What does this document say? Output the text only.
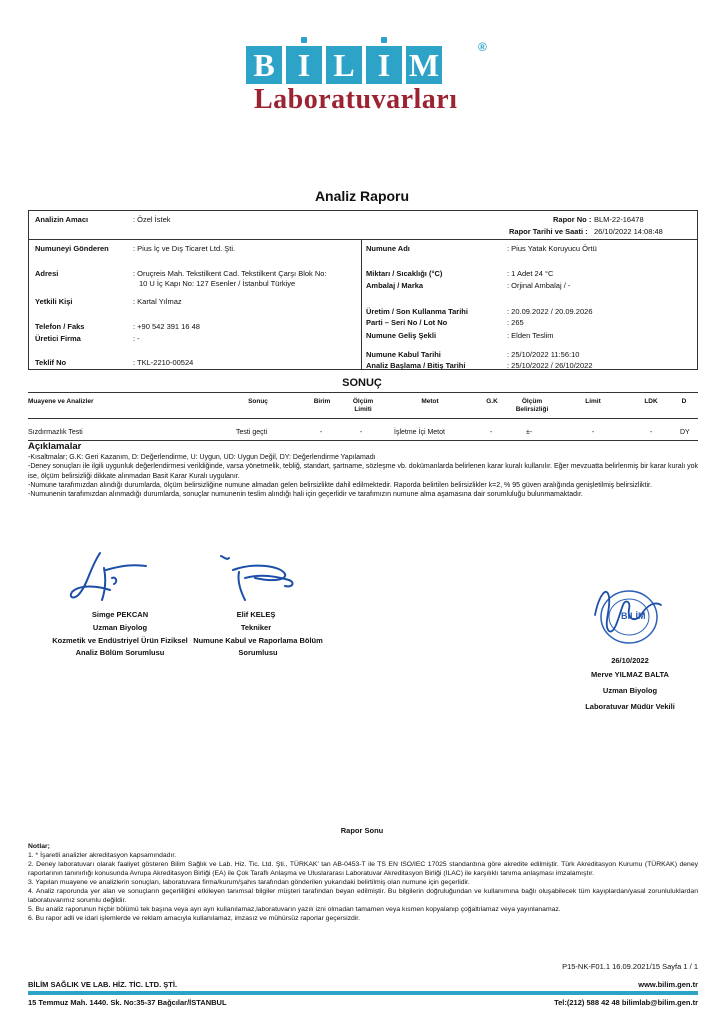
B I L I M	®
Laboratuvarları
Analiz Raporu
Analizin Amacı	: Özel İstek	Rapor No : BLM-22-16478
Rapor Tarihi ve Saati : 26/10/2022 14:08:48
Numuneyi Gönderen	: Pius İç ve Dış Ticaret Ltd. Şti.
Adresi	: Oruçreis Mah. Tekstilkent Cad. Tekstilkent Çarşı Blok No:
10 U İç Kapı No: 127 Esenler / İstanbul Türkiye
Yetkili Kişi	: Kartal Yılmaz
Telefon / Faks	: +90 542 391 16 48
Üretici Firma	: -
Teklif No	: TKL-2210-00524
Numune Adı	: Pius Yatak Koruyucu Örtü
Miktarı / Sıcaklığı (°C)	: 1 Adet 24 °C
Ambalaj / Marka	: Orjinal Ambalaj / -
Üretim / Son Kullanma Tarihi	: 20.09.2022 / 20.09.2026
Parti – Seri No / Lot No	: 265
Numune Geliş Şekli	: Elden Teslim
Numune Kabul Tarihi	: 25/10/2022 11:56:10
Analiz Başlama / Bitiş Tarihi	: 25/10/2022 / 26/10/2022
SONUÇ
Muayene ve Analizler	Sonuç	Birim	Ölçüm
Limiti
Metot	G.K	Ölçüm
Belirsizliği
Limit	LDK	D
Sızdırmazlık Testi	Testi geçti	-	-	İşletme İçi Metot	-	±-	-	-	DY
Açıklamalar

-Kısaltmalar; G.K: Geri Kazanım, D: Değerlendirme, U: Uygun, UD: Uygun Değil, DY: Değerlendirme Yapılamadı

-Deney sonuçları ile ilgili uygunluk değerlendirmesi verildiğinde, varsa yönetmelik, tebliğ, standart, şartname, sözleşme vb. dokümanlarda belirlenen karar kuralı kullanılır. Eğer mevzuatta belirlenmiş bir karar kuralı yok ise, ölçüm belirsizliği dikkate alınmadan Basit Karar Kuralı uygulanır.

-Numune tarafımızdan alındığı durumlarda, ölçüm belirsizliğine numune almadan gelen belirsizlikte dahil edilmektedir. Raporda belirtilen belirsizlikler k=2, % 95 güven aralığında genişletilmiş belirsizliktir.

-Numunenin tarafımızdan alınmadığı durumlarda, sonuçlar numunenin teslim alındığı hali için geçerlidir ve tarafımızın numune alma aşamasına dair sorumluluğu bulunmamaktadır.

Simge PEKCAN
Uzman Biyolog
Kozmetik ve Endüstriyel Ürün Fiziksel
Analiz Bölüm Sorumlusu
Elif KELEŞ
Tekniker
Numune Kabul ve Raporlama Bölüm
Sorumlusu
BİLİM
26/10/2022
Merve YILMAZ BALTA
Uzman Biyolog
Laboratuvar Müdür Vekili
Rapor Sonu

Notlar;

1. * İşaretli analizler akreditasyon kapsamındadır.

2. Deney laboratuvarı olarak faaliyet gösteren Bilim Sağlık ve Lab. Hiz. Tic. Ltd. Şti., TÜRKAK' tan AB-0453-T ile TS EN ISO/IEC 17025 standardına göre akredite edilmiştir. Türk Akreditasyon Kurumu (TÜRKAK) deney raporlarının tanınırlığı konusunda Avrupa Akreditasyon Birliği (EA) ile Çok Taraflı Anlaşma ve Uluslararası Laboratuvar Akreditasyon Birliği (ILAC) ile karşılıklı tanıma anlaşması imzalamıştır.

3. Yapılan muayene ve analizlerin sonuçları, laboratuvara firma/kurum/şahıs tarafından gönderilen yukarıdaki belirtilmiş olan numune için geçerlidir.

4. Analiz raporunda yer alan ve sonuçların geçerliliğini etkileyen tanımsal bilgiler müşteri tarafından beyan edilmiştir. Bu bilgilerin doğruluğundan ve kullanımına bağlı oluşabilecek tüm kayıplardan/yasal zorunluluklardan laboratuvarımız sorumlu değildir.

5. Bu analiz raporunun hiçbir bölümü tek başına veya ayrı ayrı kullanılamaz,laboratuvarın yazılı izni olmadan tamamen veya kısmen kopyalanıp çoğaltılamaz veya yayınlanamaz.

6. Bu rapor adli ve idari işlemlerde ve reklam amacıyla kullanılamaz, imzasız ve mühürsüz raporlar geçersizdir.

P15-NK-F01.1 16.09.2021/15 Sayfa 1 / 1
BİLİM SAĞLIK VE LAB. HİZ. TİC. LTD. ŞTİ.	www.bilim.gen.tr
15 Temmuz Mah. 1440. Sk. No:35-37 Bağcılar/İSTANBUL	Tel:(212) 588 42 48 bilimlab@bilim.gen.tr
